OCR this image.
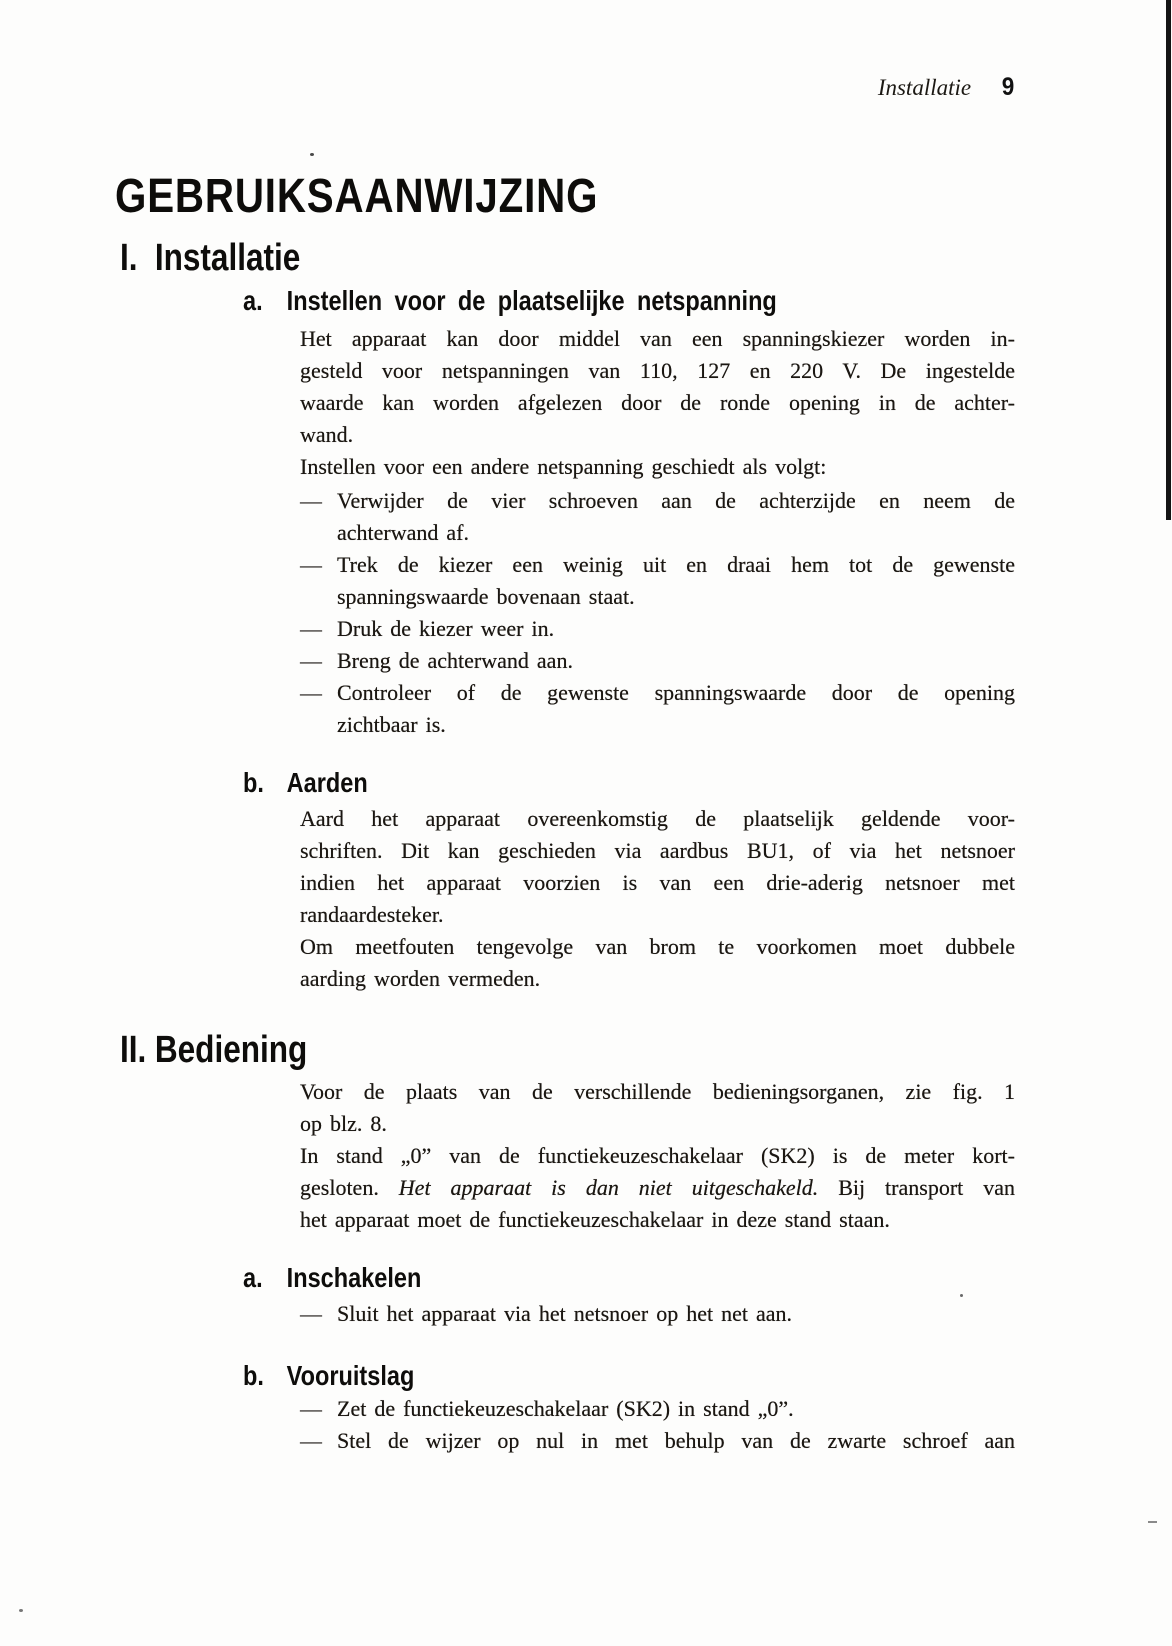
Installatie 9
GEBRUIKSAANWIJZING
I. Installatie
a. Instellen voor de plaatselijke netspanning
Het apparaat kan door middel van een spanningskiezer worden in-
gesteld voor netspanningen van 110, 127 en 220 V. De ingestelde
waarde kan worden afgelezen door de ronde opening in de achter-
wand.
Instellen voor een andere netspanning geschiedt als volgt:
— Verwijder de vier schroeven aan de achterzijde en neem de
achterwand af.
— Trek de kiezer een weinig uit en draai hem tot de gewenste
spanningswaarde bovenaan staat.
— Druk de kiezer weer in.
— Breng de achterwand aan.
— Controleer of de gewenste spanningswaarde door de opening
zichtbaar is.
b. Aarden
Aard het apparaat overeenkomstig de plaatselijk geldende voor-
schriften. Dit kan geschieden via aardbus BU1, of via het netsnoer
indien het apparaat voorzien is van een drie-aderig netsnoer met
randaardesteker.
Om meetfouten tengevolge van brom te voorkomen moet dubbele
aarding worden vermeden.
II. Bediening
Voor de plaats van de verschillende bedieningsorganen, zie fig. 1
op blz. 8.
In stand „0” van de functiekeuzeschakelaar (SK2) is de meter kort-
gesloten. Het apparaat is dan niet uitgeschakeld. Bij transport van
het apparaat moet de functiekeuzeschakelaar in deze stand staan.
a. Inschakelen
— Sluit het apparaat via het netsnoer op het net aan.
b. Vooruitslag
— Zet de functiekeuzeschakelaar (SK2) in stand „0”.
— Stel de wijzer op nul in met behulp van de zwarte schroef aan
